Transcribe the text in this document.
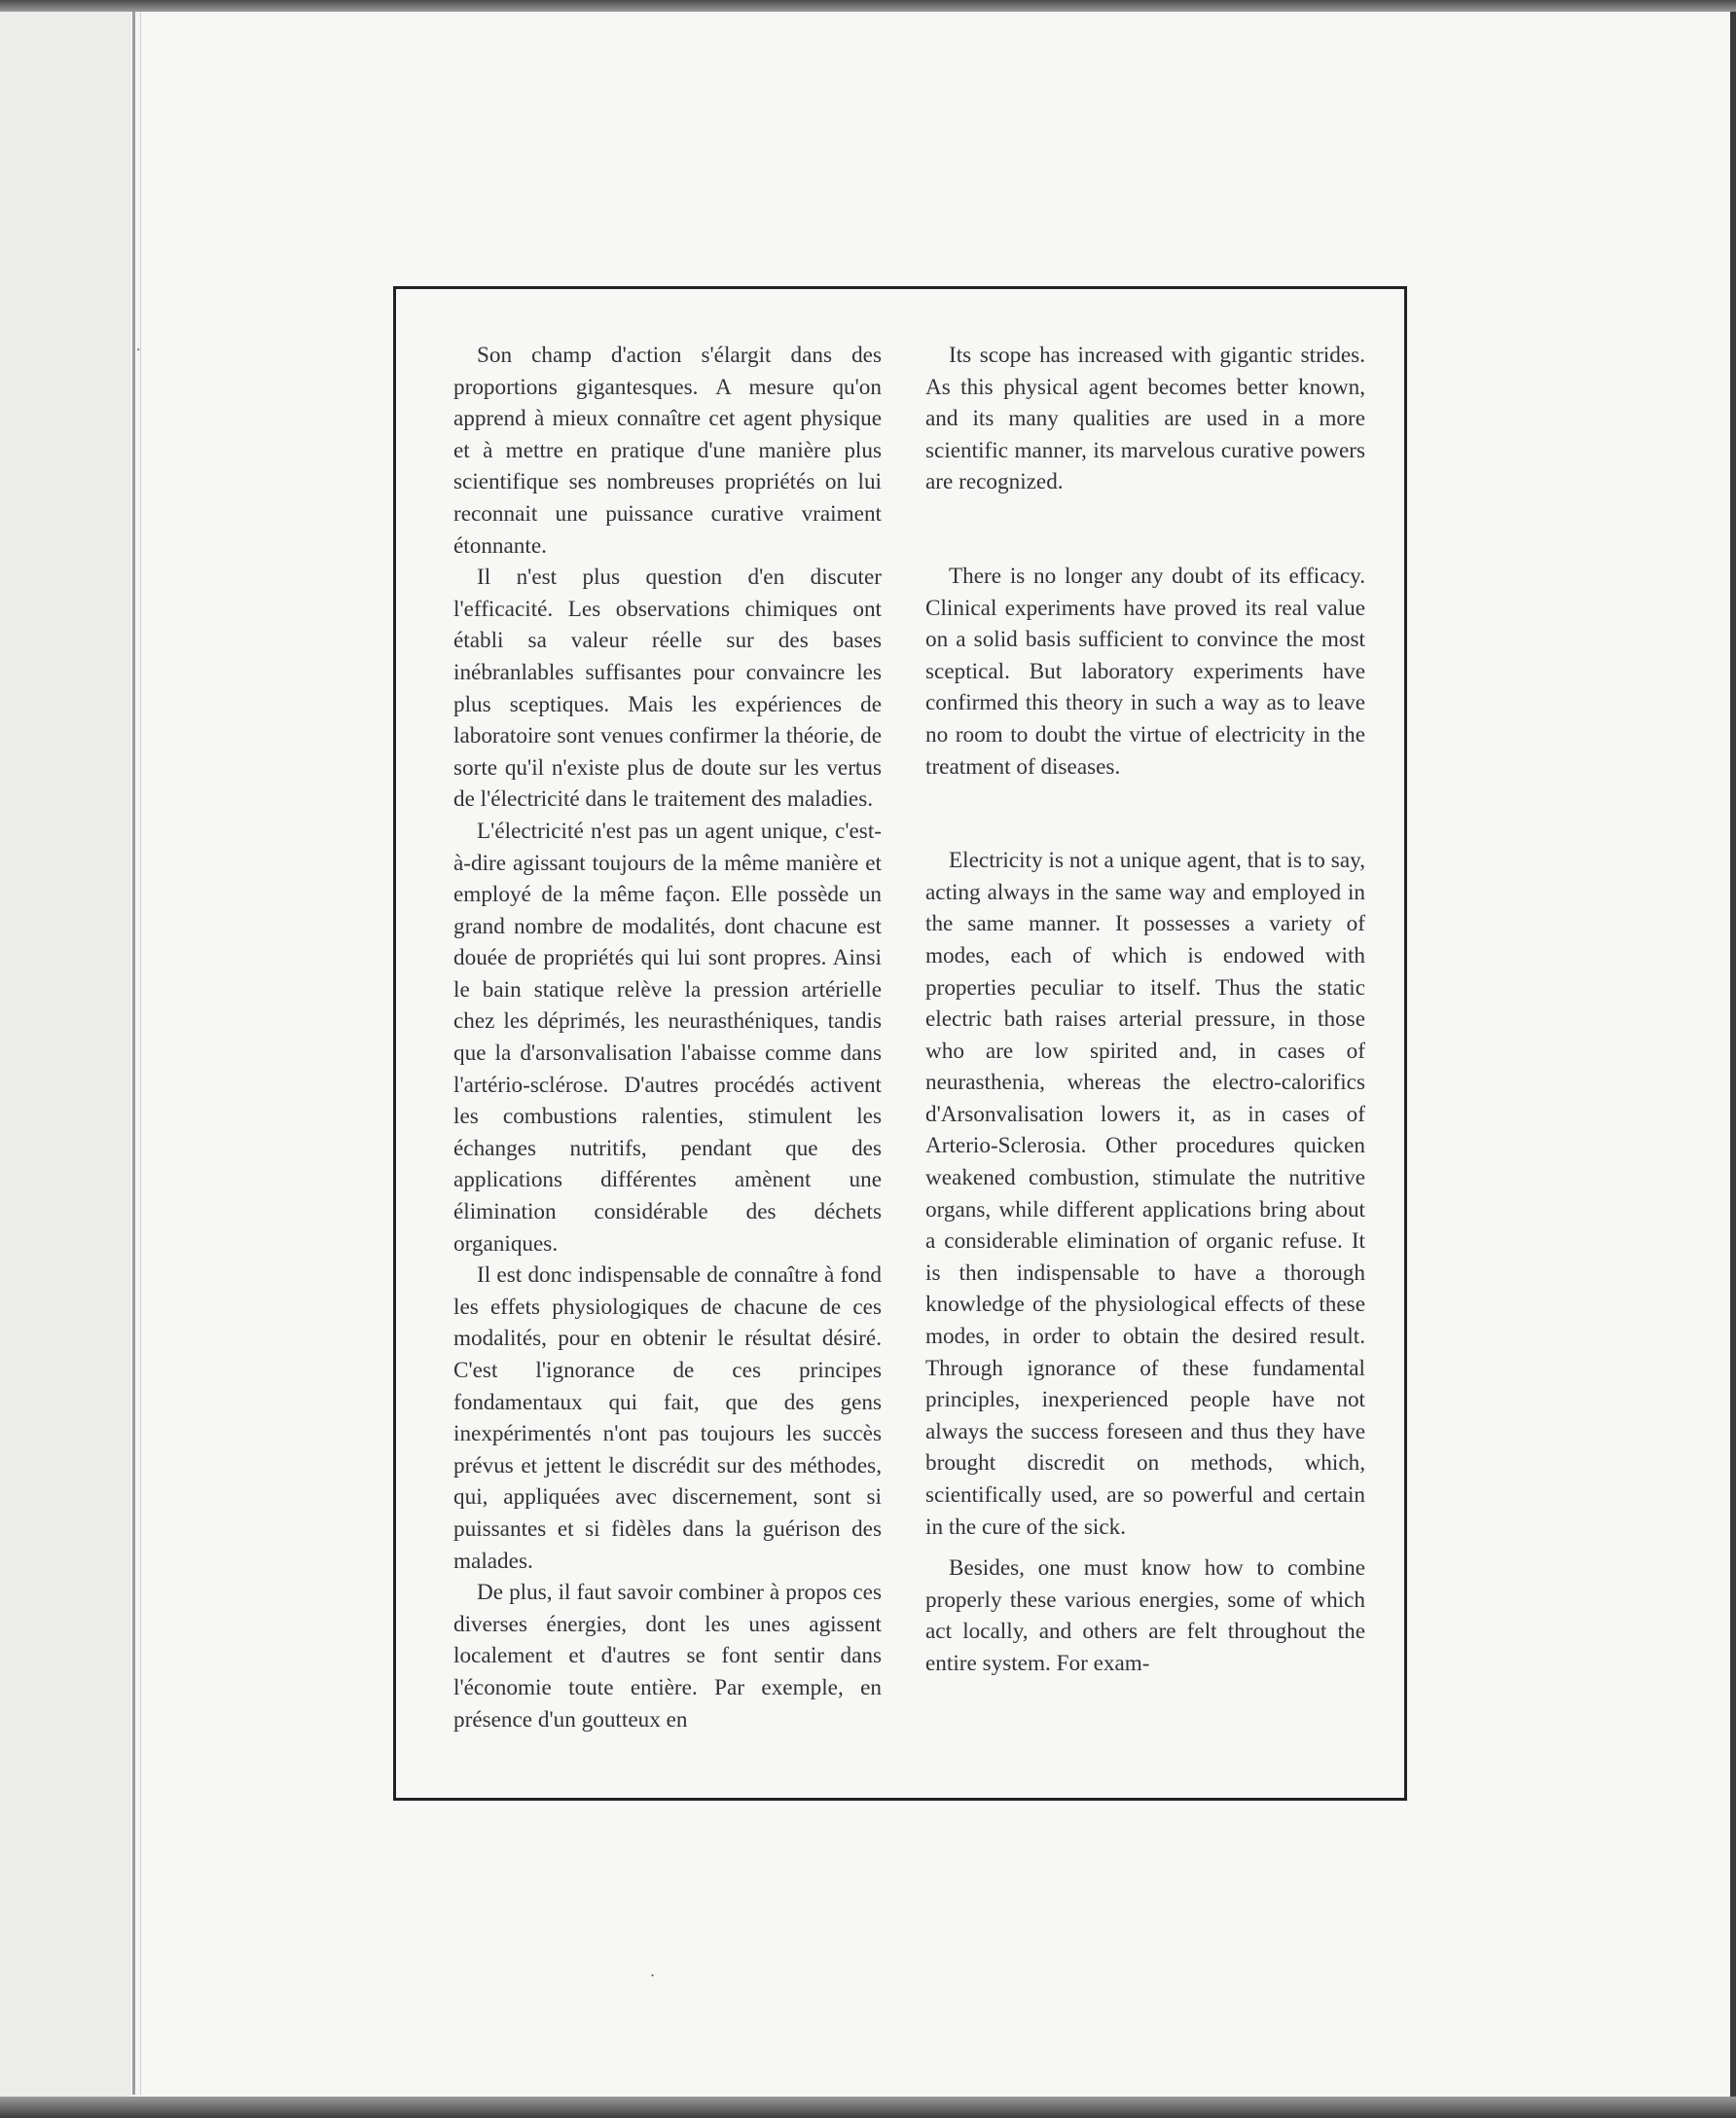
·
·

Son champ d'action s'élargit dans des proportions gigantesques. A mesure qu'on apprend à mieux connaître cet agent physique et à mettre en pratique d'une manière plus scientifique ses nombreuses propriétés on lui reconnait une puissance curative vraiment étonnante.

Il n'est plus question d'en discuter l'efficacité. Les observations chimiques ont établi sa valeur réelle sur des bases inébranlables suffisantes pour convaincre les plus sceptiques. Mais les expériences de laboratoire sont venues confirmer la théorie, de sorte qu'il n'existe plus de doute sur les vertus de l'électricité dans le traitement des maladies.

L'électricité n'est pas un agent unique, c'est-à-dire agissant toujours de la même manière et employé de la même façon. Elle possède un grand nombre de modalités, dont chacune est douée de propriétés qui lui sont propres. Ainsi le bain statique relève la pression artérielle chez les déprimés, les neurasthéniques, tandis que la d'arsonvalisation l'abaisse comme dans l'artério-sclérose. D'autres procédés activent les combustions ralenties, stimulent les échanges nutritifs, pendant que des applications différentes amènent une élimination considérable des déchets organiques.

Il est donc indispensable de connaître à fond les effets physiologiques de chacune de ces modalités, pour en obtenir le résultat désiré. C'est l'ignorance de ces principes fondamentaux qui fait, que des gens inexpérimentés n'ont pas toujours les succès prévus et jettent le discrédit sur des méthodes, qui, appliquées avec discernement, sont si puissantes et si fidèles dans la guérison des malades.

De plus, il faut savoir combiner à propos ces diverses énergies, dont les unes agissent localement et d'autres se font sentir dans l'économie toute entière. Par exemple, en présence d'un goutteux en

Its scope has increased with gigantic strides. As this physical agent becomes better known, and its many qualities are used in a more scientific manner, its marvelous curative powers are recognized.

There is no longer any doubt of its efficacy. Clinical experiments have proved its real value on a solid basis sufficient to convince the most sceptical. But laboratory experiments have confirmed this theory in such a way as to leave no room to doubt the virtue of electricity in the treatment of diseases.

Electricity is not a unique agent, that is to say, acting always in the same way and employed in the same manner. It possesses a variety of modes, each of which is endowed with properties peculiar to itself. Thus the static electric bath raises arterial pressure, in those who are low spirited and, in cases of neurasthenia, whereas the electro-calorifics d'Arsonvalisation lowers it, as in cases of Arterio-Sclerosia. Other procedures quicken weakened combustion, stimulate the nutritive organs, while different applications bring about a considerable elimination of organic refuse. It is then indispensable to have a thorough knowledge of the physiological effects of these modes, in order to obtain the desired result. Through ignorance of these fundamental principles, inexperienced people have not always the success foreseen and thus they have brought discredit on methods, which, scientifically used, are so powerful and certain in the cure of the sick.

Besides, one must know how to combine properly these various energies, some of which act locally, and others are felt throughout the entire system. For exam-
